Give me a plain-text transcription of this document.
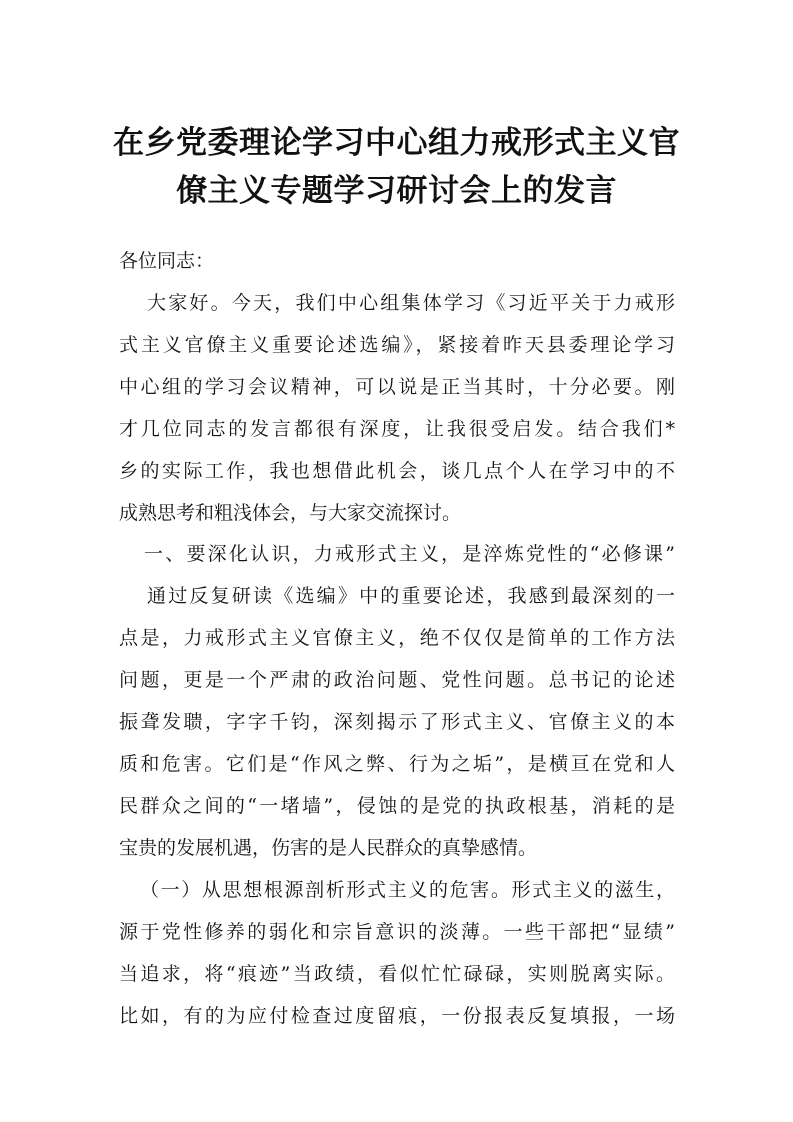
在乡党委理论学习中心组力戒形式主义官
僚主义专题学习研讨会上的发言
各位同志：
大家好。今天，我们中心组集体学习《习近平关于力戒形
式主义官僚主义重要论述选编》，紧接着昨天县委理论学习
中心组的学习会议精神，可以说是正当其时，十分必要。刚
才几位同志的发言都很有深度，让我很受启发。结合我们*
乡的实际工作，我也想借此机会，谈几点个人在学习中的不
成熟思考和粗浅体会，与大家交流探讨。
一、要深化认识，力戒形式主义，是淬炼党性的“必修课”
通过反复研读《选编》中的重要论述，我感到最深刻的一
点是，力戒形式主义官僚主义，绝不仅仅是简单的工作方法
问题，更是一个严肃的政治问题、党性问题。总书记的论述
振聋发聩，字字千钧，深刻揭示了形式主义、官僚主义的本
质和危害。它们是“作风之弊、行为之垢”，是横亘在党和人
民群众之间的“一堵墙”，侵蚀的是党的执政根基，消耗的是
宝贵的发展机遇，伤害的是人民群众的真挚感情。
（一）从思想根源剖析形式主义的危害。形式主义的滋生，
源于党性修养的弱化和宗旨意识的淡薄。一些干部把“显绩”
当追求，将“痕迹”当政绩，看似忙忙碌碌，实则脱离实际。
比如，有的为应付检查过度留痕，一份报表反复填报，一场
